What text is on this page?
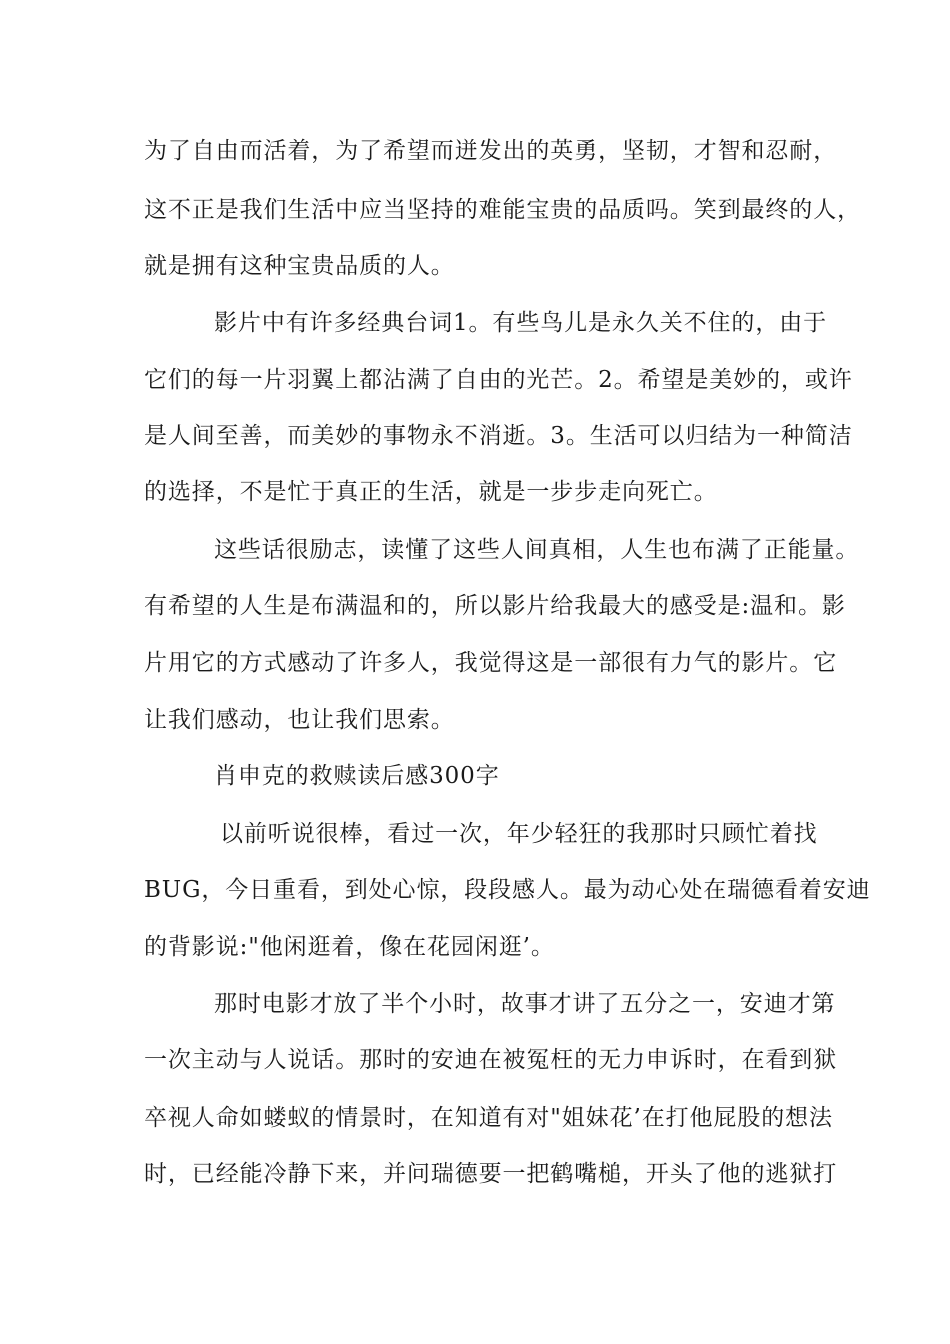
为了自由而活着，为了希望而迸发出的英勇，坚韧，才智和忍耐，

这不正是我们生活中应当坚持的难能宝贵的品质吗。笑到最终的人，

就是拥有这种宝贵品质的人。

影片中有许多经典台词1。有些鸟儿是永久关不住的，由于

它们的每一片羽翼上都沾满了自由的光芒。2。希望是美妙的，或许

是人间至善，而美妙的事物永不消逝。3。生活可以归结为一种简洁

的选择，不是忙于真正的生活，就是一步步走向死亡。

这些话很励志，读懂了这些人间真相，人生也布满了正能量。

有希望的人生是布满温和的，所以影片给我最大的感受是:温和。影

片用它的方式感动了许多人，我觉得这是一部很有力气的影片。它

让我们感动，也让我们思索。

肖申克的救赎读后感300字

以前听说很棒，看过一次，年少轻狂的我那时只顾忙着找

BUG，今日重看，到处心惊，段段感人。最为动心处在瑞德看着安迪

的背影说:"他闲逛着，像在花园闲逛’。

那时电影才放了半个小时，故事才讲了五分之一，安迪才第

一次主动与人说话。那时的安迪在被冤枉的无力申诉时，在看到狱

卒视人命如蝼蚁的情景时，在知道有对"姐妹花’在打他屁股的想法

时，已经能冷静下来，并问瑞德要一把鹤嘴槌，开头了他的逃狱打
